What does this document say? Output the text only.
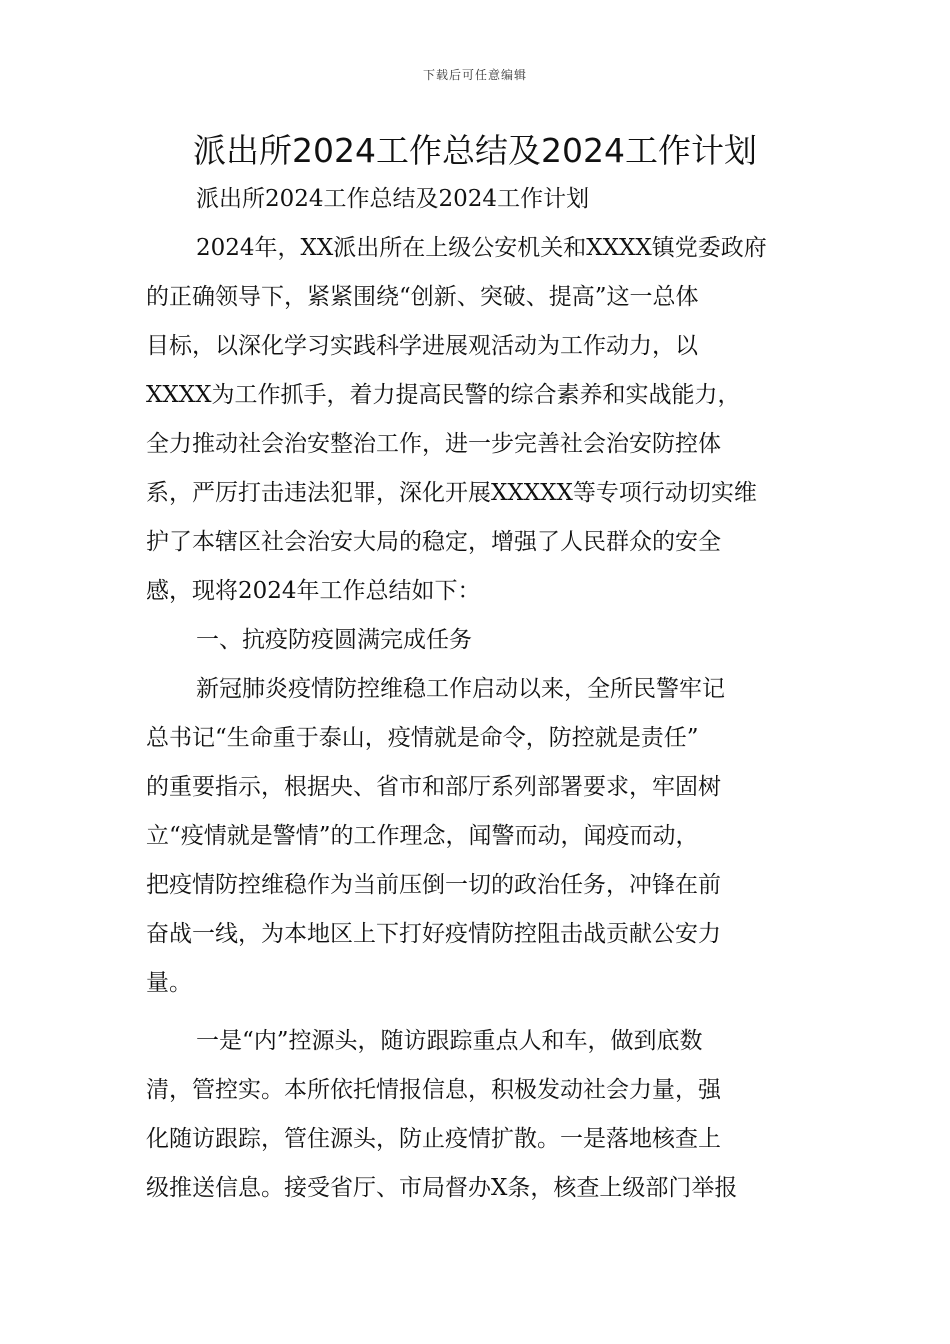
下载后可任意编辑
派出所2024工作总结及2024工作计划
派出所2024工作总结及2024工作计划
2024年，XX派出所在上级公安机关和XXXX镇党委政府
的正确领导下，紧紧围绕“创新、突破、提高”这一总体
目标，以深化学习实践科学进展观活动为工作动力，以
XXXX为工作抓手，着力提高民警的综合素养和实战能力，
全力推动社会治安整治工作，进一步完善社会治安防控体
系，严厉打击违法犯罪，深化开展XXXXX等专项行动切实维
护了本辖区社会治安大局的稳定，增强了人民群众的安全
感，现将2024年工作总结如下：
一、抗疫防疫圆满完成任务
新冠肺炎疫情防控维稳工作启动以来，全所民警牢记
总书记“生命重于泰山，疫情就是命令，防控就是责任”
的重要指示，根据央、省市和部厅系列部署要求，牢固树
立“疫情就是警情”的工作理念，闻警而动，闻疫而动，
把疫情防控维稳作为当前压倒一切的政治任务，冲锋在前
奋战一线，为本地区上下打好疫情防控阻击战贡献公安力
量。
一是“内”控源头，随访跟踪重点人和车，做到底数
清，管控实。本所依托情报信息，积极发动社会力量，强
化随访跟踪，管住源头，防止疫情扩散。一是落地核查上
级推送信息。接受省厅、市局督办X条，核查上级部门举报
